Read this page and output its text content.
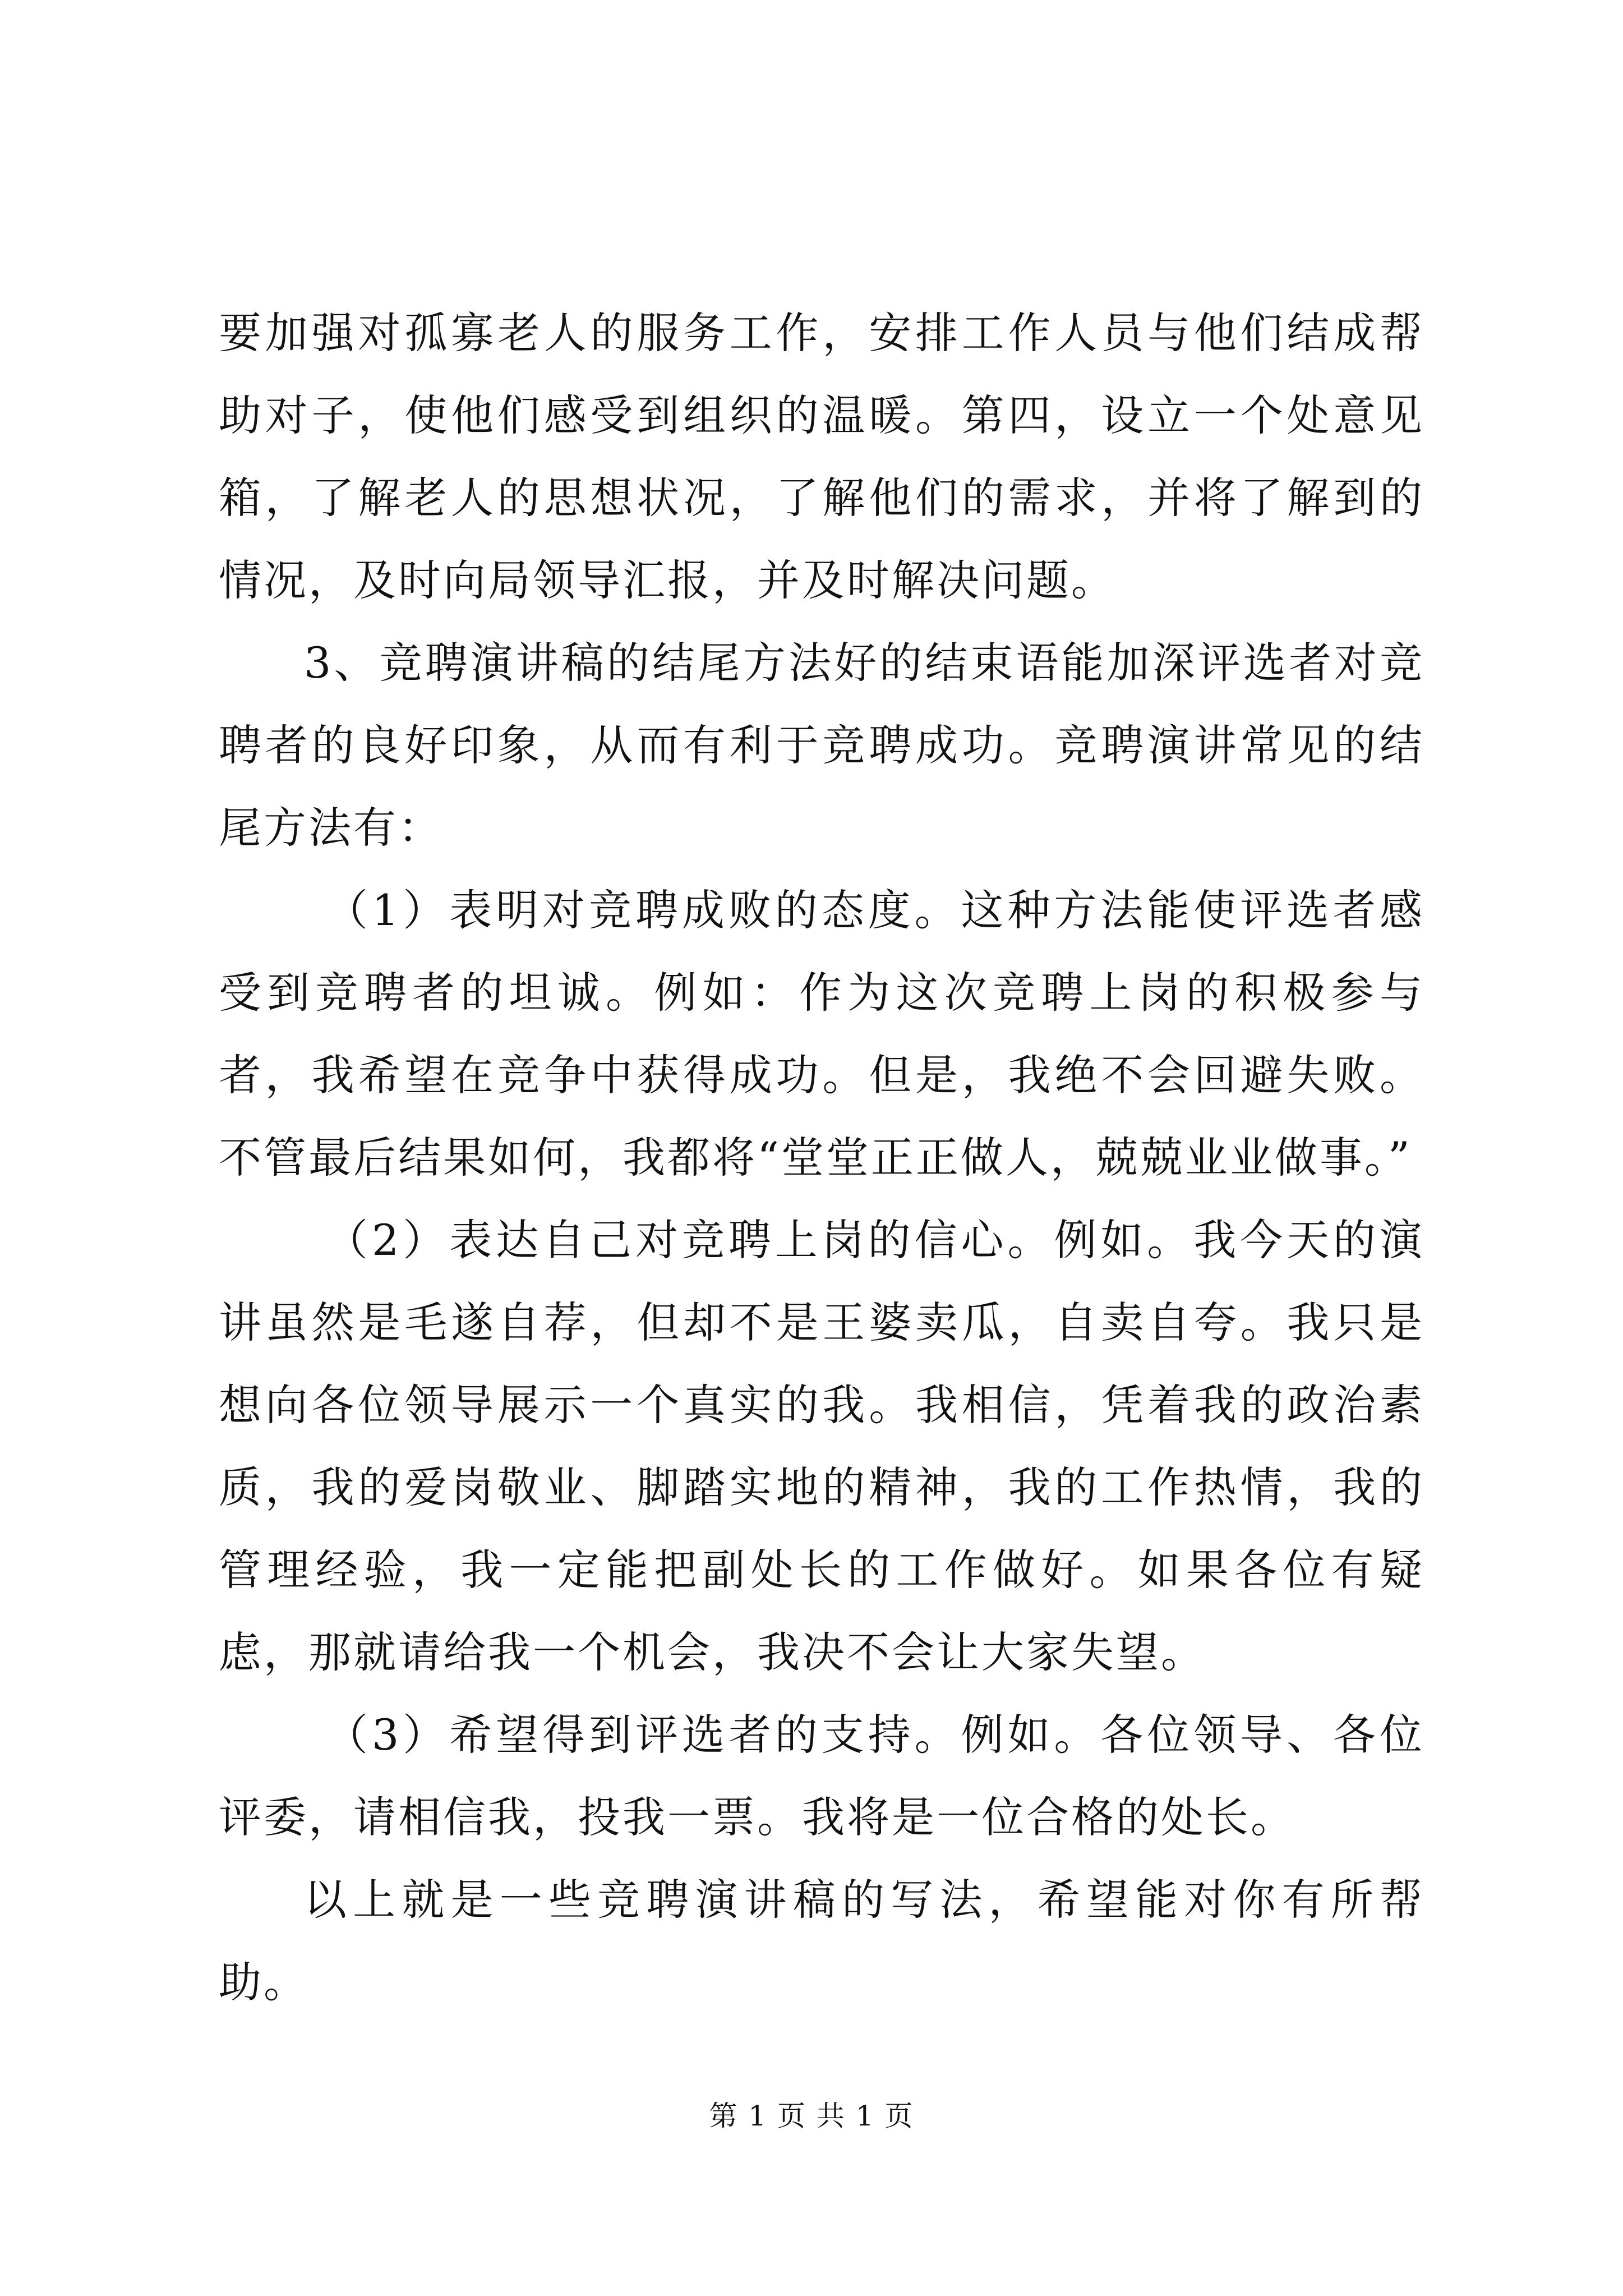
要加强对孤寡老人的服务工作，安排工作人员与他们结成帮助对子，使他们感受到组织的温暖。第四，设立一个处意见箱，了解老人的思想状况，了解他们的需求，并将了解到的情况，及时向局领导汇报，并及时解决问题。

3、竞聘演讲稿的结尾方法好的结束语能加深评选者对竞聘者的良好印象，从而有利于竞聘成功。竞聘演讲常见的结尾方法有：

（1）表明对竞聘成败的态度。这种方法能使评选者感受到竞聘者的坦诚。例如：作为这次竞聘上岗的积极参与者，我希望在竞争中获得成功。但是，我绝不会回避失败。不管最后结果如何，我都将“堂堂正正做人，兢兢业业做事。”

（2）表达自己对竞聘上岗的信心。例如。我今天的演讲虽然是毛遂自荐，但却不是王婆卖瓜，自卖自夸。我只是想向各位领导展示一个真实的我。我相信，凭着我的政治素质，我的爱岗敬业、脚踏实地的精神，我的工作热情，我的管理经验，我一定能把副处长的工作做好。如果各位有疑虑，那就请给我一个机会，我决不会让大家失望。

（3）希望得到评选者的支持。例如。各位领导、各位评委，请相信我，投我一票。我将是一位合格的处长。

以上就是一些竞聘演讲稿的写法，希望能对你有所帮助。

第 1 页 共 1 页
